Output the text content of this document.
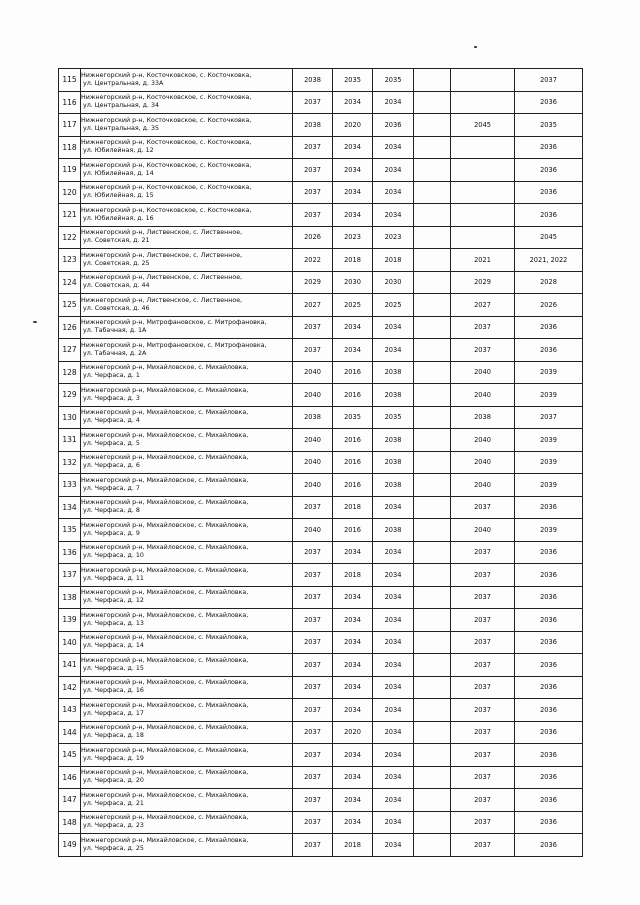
115	Нижнегорский р-н, Косточковское, с. Косточковка,
ул. Центральная, д. 33А	2038	2035	2035			2037
116	Нижнегорский р-н, Косточковское, с. Косточковка,
ул. Центральная, д. 34	2037	2034	2034			2036
117	Нижнегорский р-н, Косточковское, с. Косточковка,
ул. Центральная, д. 35	2038	2020	2036		2045	2035
118	Нижнегорский р-н, Косточковское, с. Косточковка,
ул. Юбилейная, д. 12	2037	2034	2034			2036
119	Нижнегорский р-н, Косточковское, с. Косточковка,
ул. Юбилейная, д. 14	2037	2034	2034			2036
120	Нижнегорский р-н, Косточковское, с. Косточковка,
ул. Юбилейная, д. 15	2037	2034	2034			2036
121	Нижнегорский р-н, Косточковское, с. Косточковка,
ул. Юбилейная, д. 16	2037	2034	2034			2036
122	Нижнегорский р-н, Лиственское, с. Лиственное,
ул. Советская, д. 21	2026	2023	2023			2045
123	Нижнегорский р-н, Лиственское, с. Лиственное,
ул. Советская, д. 25	2022	2018	2018		2021	2021, 2022
124	Нижнегорский р-н, Лиственское, с. Лиственное,
ул. Советская, д. 44	2029	2030	2030		2029	2028
125	Нижнегорский р-н, Лиственское, с. Лиственное,
ул. Советская, д. 46	2027	2025	2025		2027	2026
126	Нижнегорский р-н, Митрофановское, с. Митрофановка,
ул. Табачная, д. 1А	2037	2034	2034		2037	2036
127	Нижнегорский р-н, Митрофановское, с. Митрофановка,
ул. Табачная, д. 2А	2037	2034	2034		2037	2036
128	Нижнегорский р-н, Михайловское, с. Михайловка,
ул. Черфаса, д. 1	2040	2016	2038		2040	2039
129	Нижнегорский р-н, Михайловское, с. Михайловка,
ул. Черфаса, д. 3	2040	2016	2038		2040	2039
130	Нижнегорский р-н, Михайловское, с. Михайловка,
ул. Черфаса, д. 4	2038	2035	2035		2038	2037
131	Нижнегорский р-н, Михайловское, с. Михайловка,
ул. Черфаса, д. 5	2040	2016	2038		2040	2039
132	Нижнегорский р-н, Михайловское, с. Михайловка,
ул. Черфаса, д. 6	2040	2016	2038		2040	2039
133	Нижнегорский р-н, Михайловское, с. Михайловка,
ул. Черфаса, д. 7	2040	2016	2038		2040	2039
134	Нижнегорский р-н, Михайловское, с. Михайловка,
ул. Черфаса, д. 8	2037	2018	2034		2037	2036
135	Нижнегорский р-н, Михайловское, с. Михайловка,
ул. Черфаса, д. 9	2040	2016	2038		2040	2039
136	Нижнегорский р-н, Михайловское, с. Михайловка,
ул. Черфаса, д. 10	2037	2034	2034		2037	2036
137	Нижнегорский р-н, Михайловское, с. Михайловка,
ул. Черфаса, д. 11	2037	2018	2034		2037	2036
138	Нижнегорский р-н, Михайловское, с. Михайловка,
ул. Черфаса, д. 12	2037	2034	2034		2037	2036
139	Нижнегорский р-н, Михайловское, с. Михайловка,
ул. Черфаса, д. 13	2037	2034	2034		2037	2036
140	Нижнегорский р-н, Михайловское, с. Михайловка,
ул. Черфаса, д. 14	2037	2034	2034		2037	2036
141	Нижнегорский р-н, Михайловское, с. Михайловка,
ул. Черфаса, д. 15	2037	2034	2034		2037	2036
142	Нижнегорский р-н, Михайловское, с. Михайловка,
ул. Черфаса, д. 16	2037	2034	2034		2037	2036
143	Нижнегорский р-н, Михайловское, с. Михайловка,
ул. Черфаса, д. 17	2037	2034	2034		2037	2036
144	Нижнегорский р-н, Михайловское, с. Михайловка,
ул. Черфаса, д. 18	2037	2020	2034		2037	2036
145	Нижнегорский р-н, Михайловское, с. Михайловка,
ул. Черфаса, д. 19	2037	2034	2034		2037	2036
146	Нижнегорский р-н, Михайловское, с. Михайловка,
ул. Черфаса, д. 20	2037	2034	2034		2037	2036
147	Нижнегорский р-н, Михайловское, с. Михайловка,
ул. Черфаса, д. 21	2037	2034	2034		2037	2036
148	Нижнегорский р-н, Михайловское, с. Михайловка,
ул. Черфаса, д. 23	2037	2034	2034		2037	2036
149	Нижнегорский р-н, Михайловское, с. Михайловка,
ул. Черфаса, д. 25	2037	2018	2034		2037	2036
